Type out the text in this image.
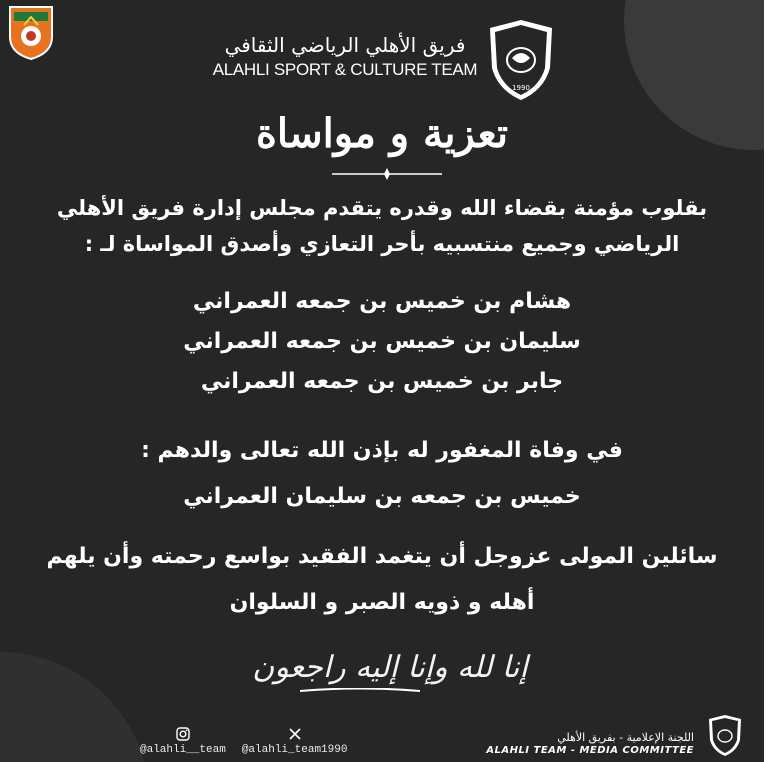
فريق الأهلي الرياضي الثقافي
ALAHLI SPORT & CULTURE TEAM
1990
تعزية و مواساة
بقلوب مؤمنة بقضاء الله وقدره يتقدم مجلس إدارة فريق الأهلي
الرياضي وجميع منتسبيه بأحر التعازي وأصدق المواساة لـ :
هشام بن خميس بن جمعه العمراني
سليمان بن خميس بن جمعه العمراني
جابر بن خميس بن جمعه العمراني
في وفاة المغفور له بإذن الله تعالى والدهم :
خميس بن جمعه بن سليمان العمراني
سائلين المولى عزوجل أن يتغمد الفقيد بواسع رحمته وأن يلهم
أهله و ذويه الصبر و السلوان
إنا لله وإنا إليه راجعون
@alahli__team @alahli_team1990
اللجنة الإعلامية - بفريق الأهلي
ALAHLI TEAM - MEDIA COMMITTEE
